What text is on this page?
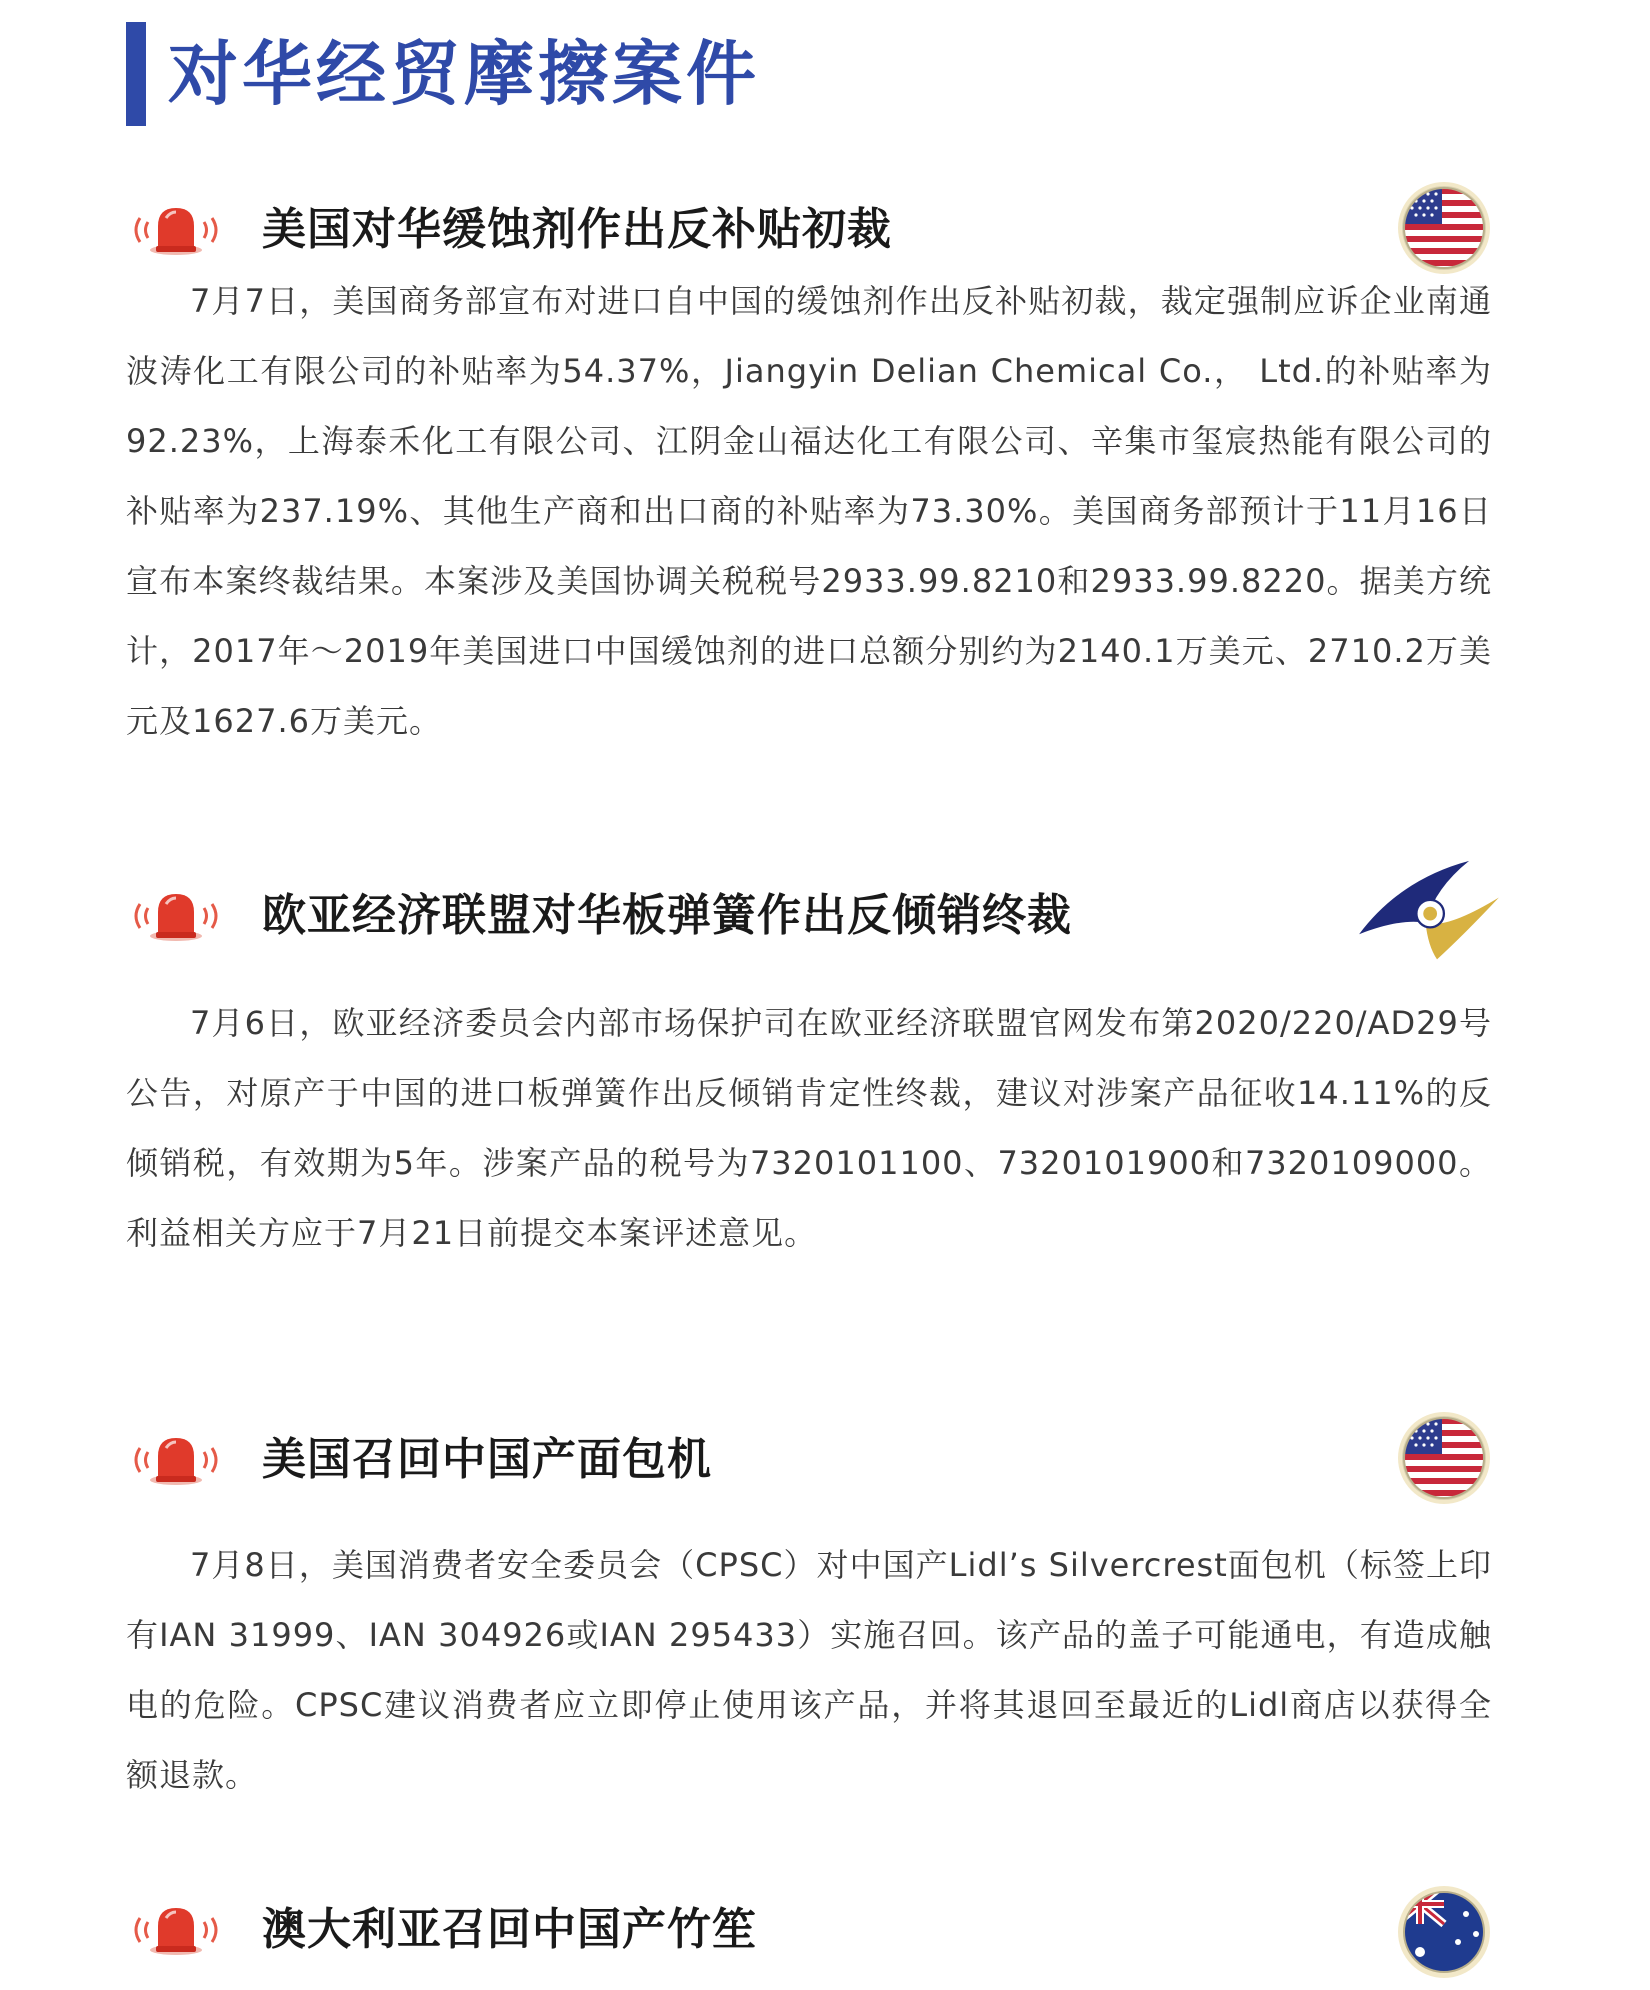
对华经贸摩擦案件
美国对华缓蚀剂作出反补贴初裁

7月7日，美国商务部宣布对进口自中国的缓蚀剂作出反补贴初裁，裁定强制应诉企业南通波涛化工有限公司的补贴率为54.37%，Jiangyin Delian Chemical Co.， Ltd.的补贴率为92.23%，上海泰禾化工有限公司、江阴金山福达化工有限公司、辛集市玺宸热能有限公司的补贴率为237.19%、其他生产商和出口商的补贴率为73.30%。美国商务部预计于11月16日宣布本案终裁结果。本案涉及美国协调关税税号2933.99.8210和2933.99.8220。据美方统计，2017年～2019年美国进口中国缓蚀剂的进口总额分别约为2140.1万美元、2710.2万美元及1627.6万美元。

欧亚经济联盟对华板弹簧作出反倾销终裁

7月6日，欧亚经济委员会内部市场保护司在欧亚经济联盟官网发布第2020/220/AD29号公告，对原产于中国的进口板弹簧作出反倾销肯定性终裁，建议对涉案产品征收14.11%的反倾销税，有效期为5年。涉案产品的税号为7320101100、7320101900和7320109000。利益相关方应于7月21日前提交本案评述意见。

美国召回中国产面包机

7月8日，美国消费者安全委员会（CPSC）对中国产Lidl’s Silvercrest面包机（标签上印有IAN 31999、IAN 304926或IAN 295433）实施召回。该产品的盖子可能通电，有造成触电的危险。CPSC建议消费者应立即停止使用该产品，并将其退回至最近的Lidl商店以获得全额退款。

澳大利亚召回中国产竹笙
